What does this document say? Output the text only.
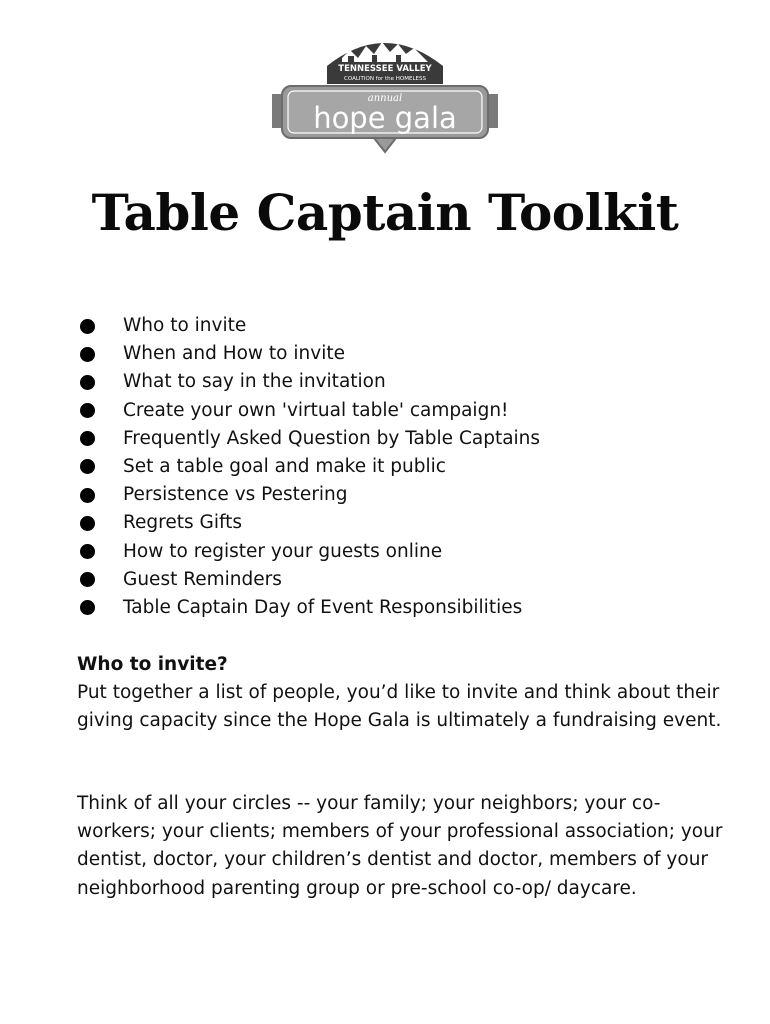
TENNESSEE VALLEY
COALITION for the HOMELESS
annual
hope gala
Table Captain Toolkit
Who to invite
When and How to invite
What to say in the invitation
Create your own 'virtual table' campaign!
Frequently Asked Question by Table Captains
Set a table goal and make it public
Persistence vs Pestering
Regrets Gifts
How to register your guests online
Guest Reminders
Table Captain Day of Event Responsibilities

Who to invite?
Put together a list of people, you’d like to invite and think about their giving capacity since the Hope Gala is ultimately a fundraising event.

Think of all your circles -- your family; your neighbors; your co-workers; your clients; members of your professional association; your dentist, doctor, your children’s dentist and doctor, members of your neighborhood parenting group or pre-school co-op/ daycare.
